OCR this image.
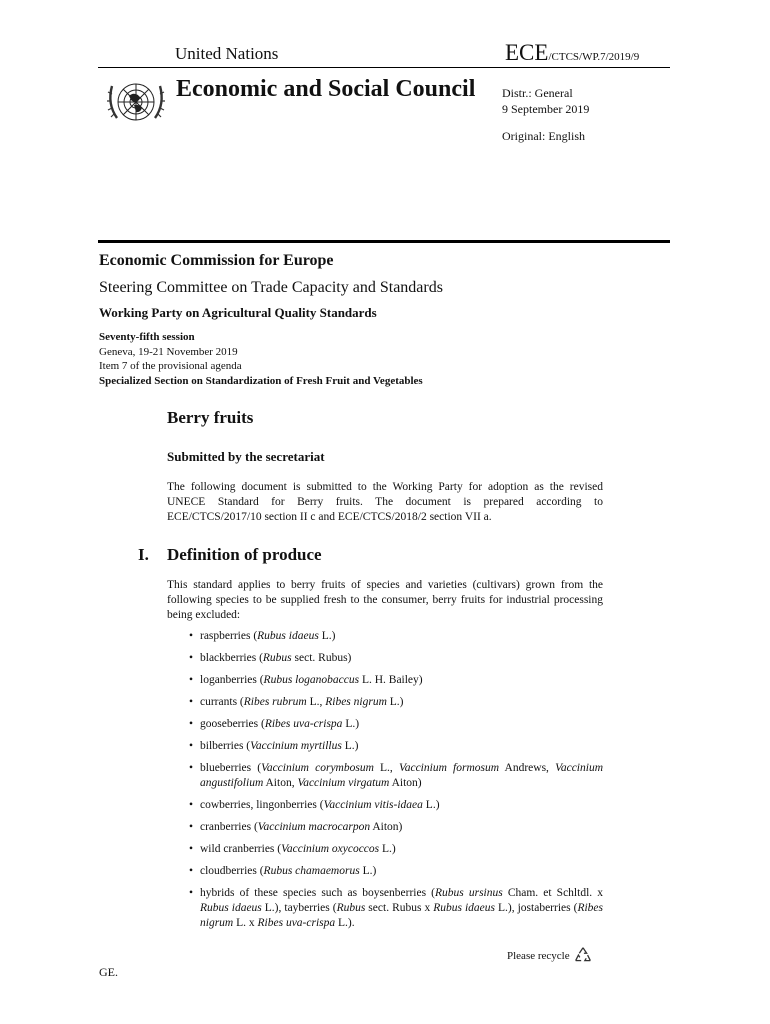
United Nations	ECE/CTCS/WP.7/2019/9
Economic and Social Council Distr.: General
9 September 2019
Original: English
Economic Commission for Europe
Steering Committee on Trade Capacity and Standards
Working Party on Agricultural Quality Standards
Seventy-fifth session
Geneva, 19-21 November 2019
Item 7 of the provisional agenda
Specialized Section on Standardization of Fresh Fruit and Vegetables
Berry fruits
Submitted by the secretariat
The following document is submitted to the Working Party for adoption as the revised UNECE Standard for Berry fruits. The document is prepared according to ECE/CTCS/2017/10 section II c and ECE/CTCS/2018/2 section VII a.
I. Definition of produce
This standard applies to berry fruits of species and varieties (cultivars) grown from the following species to be supplied fresh to the consumer, berry fruits for industrial processing being excluded:
• raspberries (Rubus idaeus L.)
• blackberries (Rubus sect. Rubus)
• loganberries (Rubus loganobaccus L. H. Bailey)
• currants (Ribes rubrum L., Ribes nigrum L.)
• gooseberries (Ribes uva-crispa L.)
• bilberries (Vaccinium myrtillus L.)
• blueberries (Vaccinium corymbosum L., Vaccinium formosum Andrews, Vaccinium angustifolium Aiton, Vaccinium virgatum Aiton)
• cowberries, lingonberries (Vaccinium vitis-idaea L.)
• cranberries (Vaccinium macrocarpon Aiton)
• wild cranberries (Vaccinium oxycoccos L.)
• cloudberries (Rubus chamaemorus L.)
• hybrids of these species such as boysenberries (Rubus ursinus Cham. et Schltdl. x Rubus idaeus L.), tayberries (Rubus sect. Rubus x Rubus idaeus L.), jostaberries (Ribes nigrum L. x Ribes uva-crispa L.).
GE.
Please recycle
